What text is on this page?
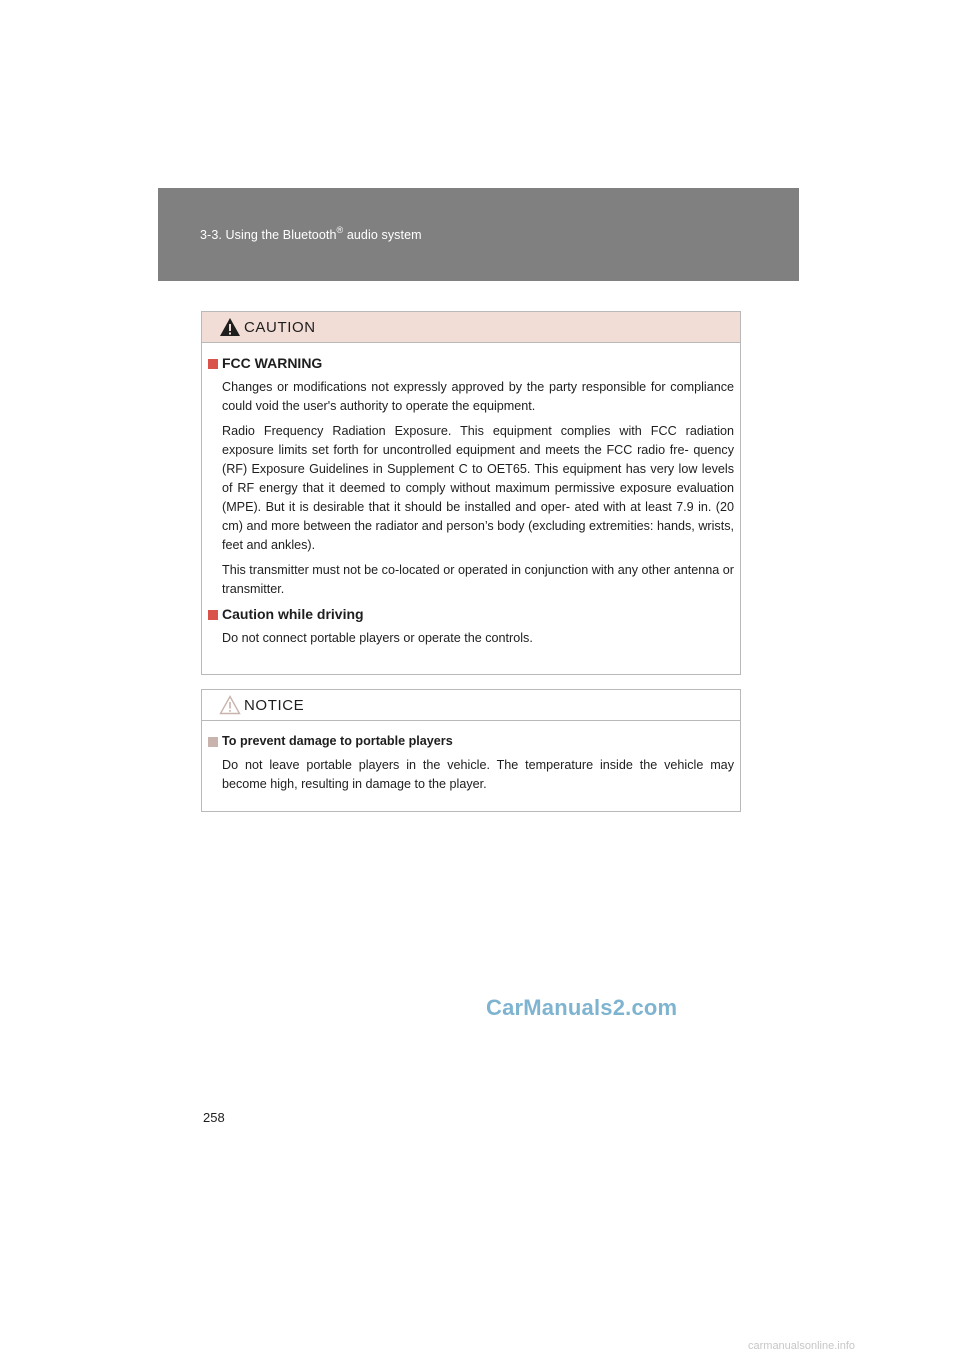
3-3. Using the Bluetooth® audio system
CAUTION
FCC WARNING

Changes or modifications not expressly approved by the party responsible for compliance could void the user's authority to operate the equipment.

Radio Frequency Radiation Exposure. This equipment complies with FCC radiation exposure limits set forth for uncontrolled equipment and meets the FCC radio fre- quency (RF) Exposure Guidelines in Supplement C to OET65. This equipment has very low levels of RF energy that it deemed to comply without maximum permissive exposure evaluation (MPE). But it is desirable that it should be installed and oper- ated with at least 7.9 in. (20 cm) and more between the radiator and person’s body (excluding extremities: hands, wrists, feet and ankles).

This transmitter must not be co-located or operated in conjunction with any other antenna or transmitter.

Caution while driving

Do not connect portable players or operate the controls.

NOTICE
To prevent damage to portable players

Do not leave portable players in the vehicle. The temperature inside the vehicle may become high, resulting in damage to the player.

CarManuals2.com
258
carmanualsonline.info
